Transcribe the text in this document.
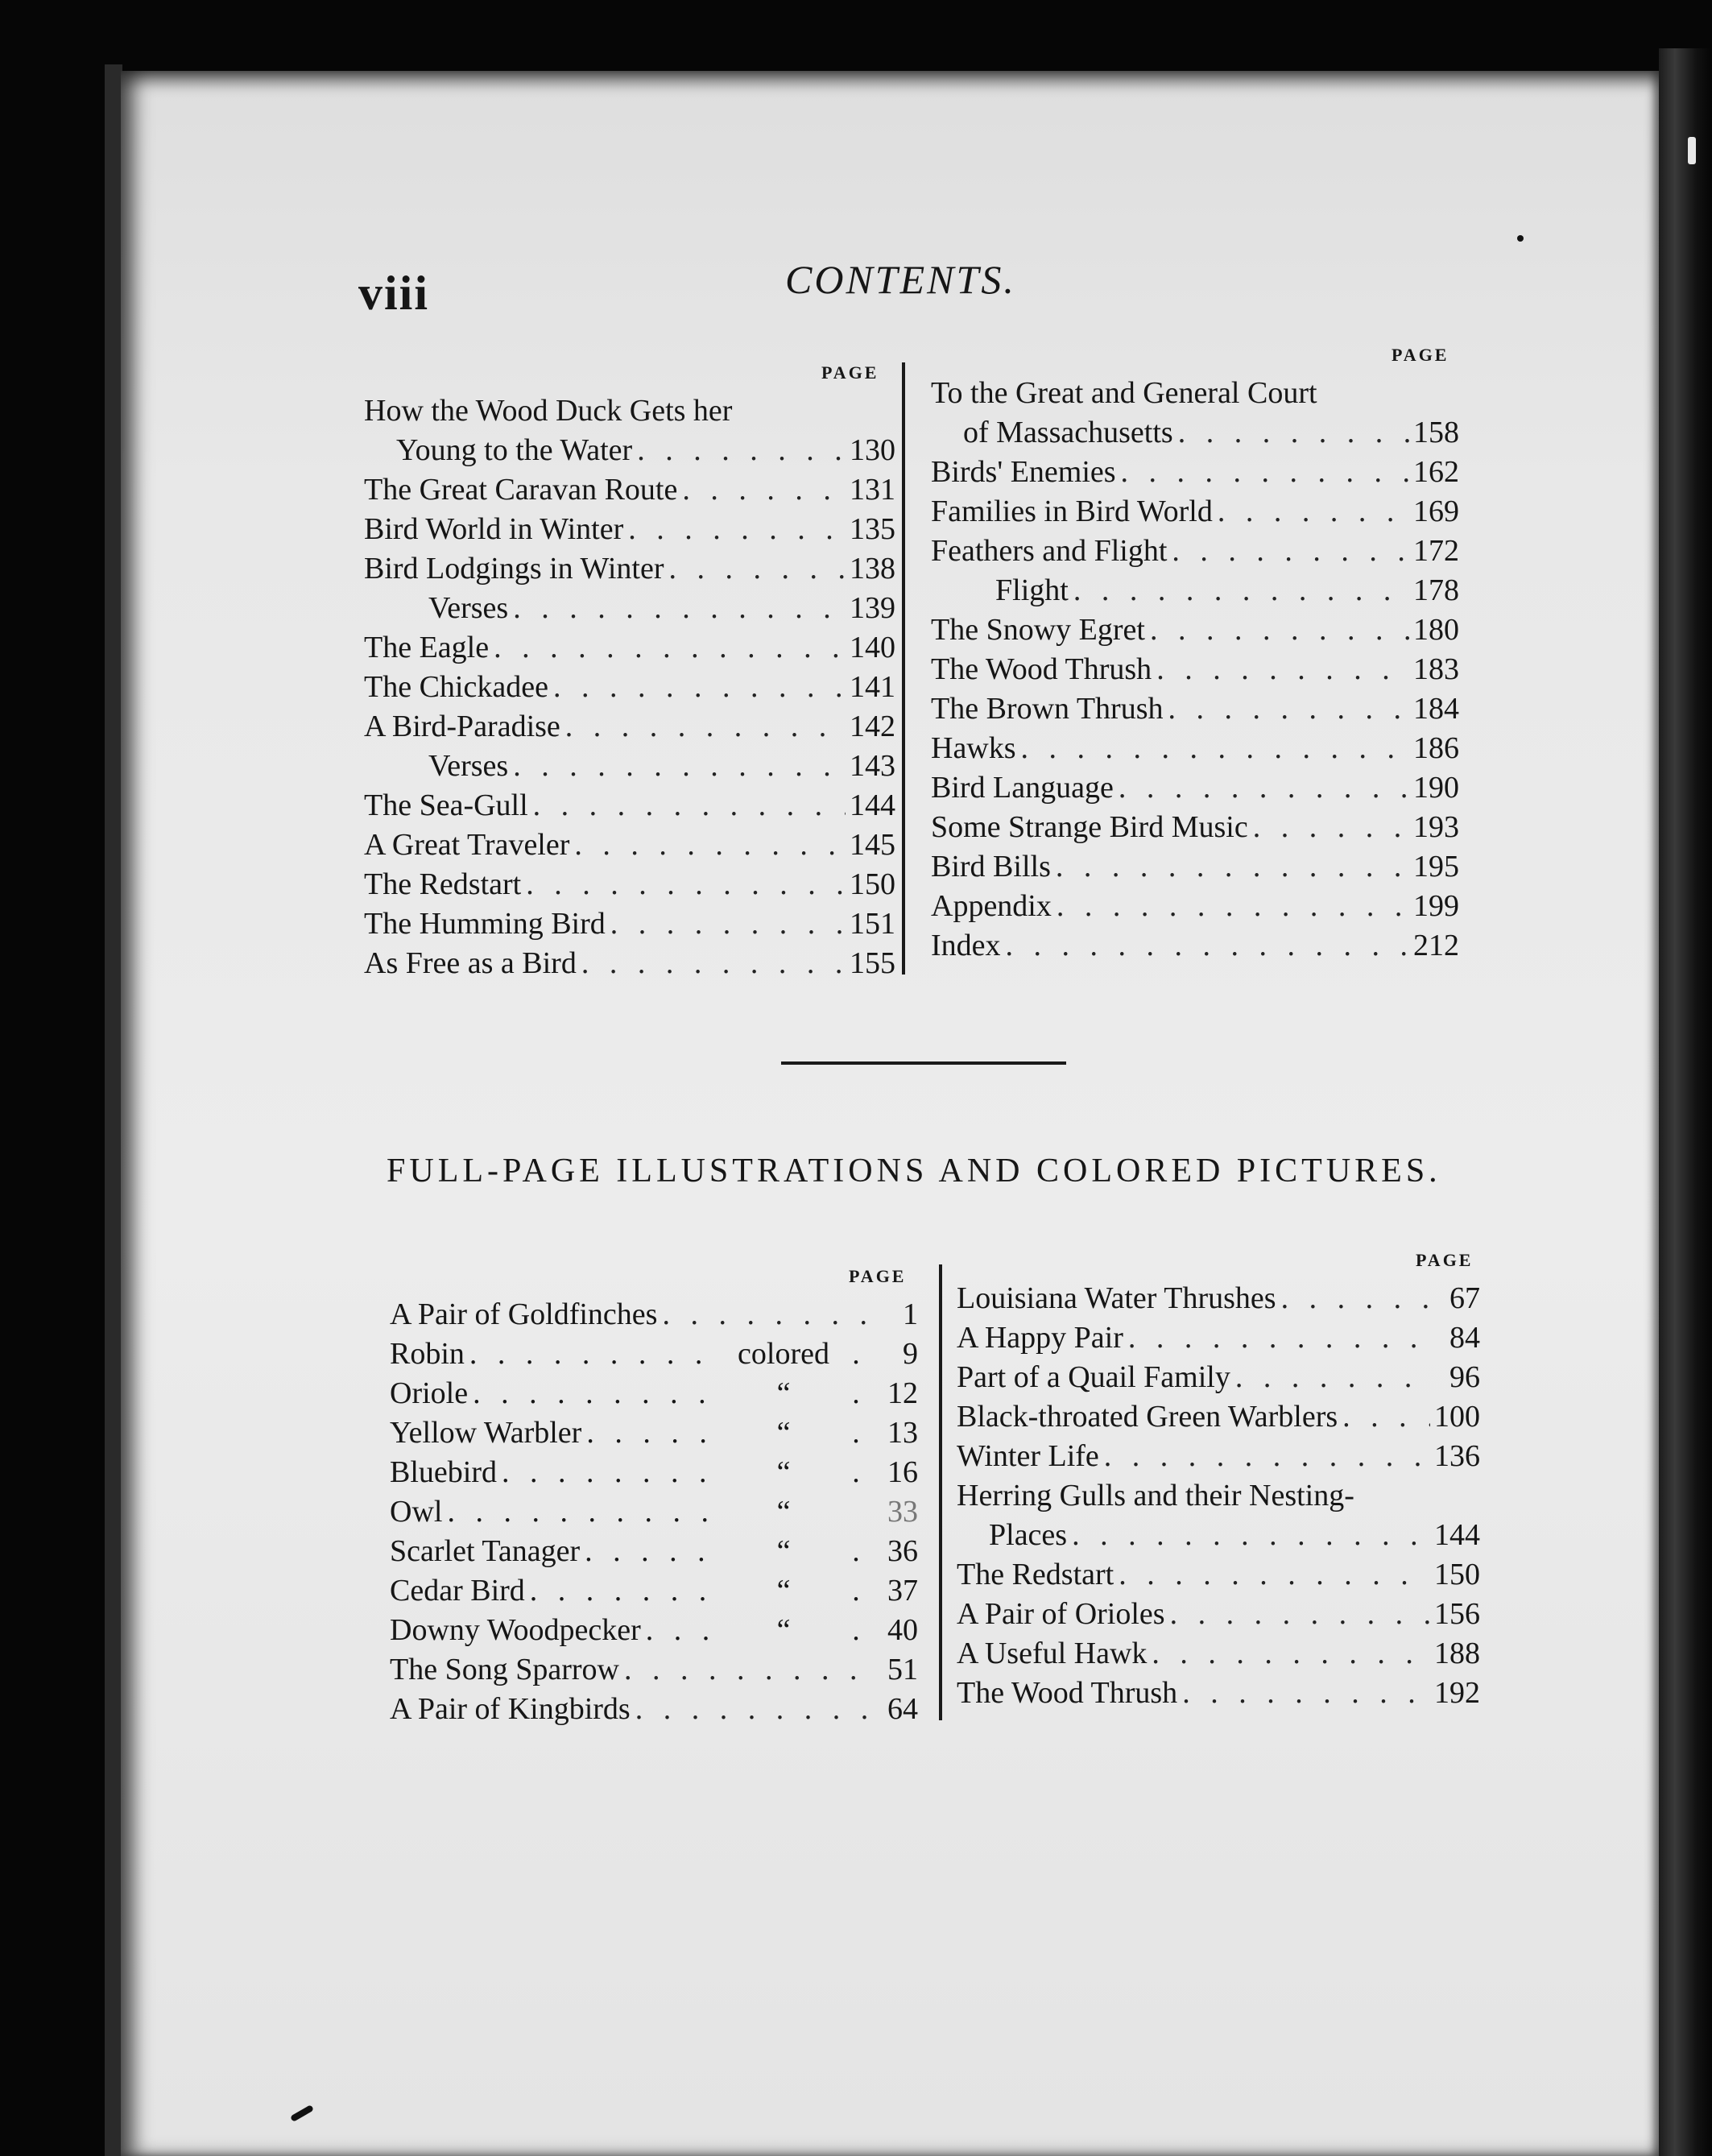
viii	CONTENTS.
PAGE
How the Wood Duck Gets her
Young to the Water . . .	130
The Great Caravan Route . . .	131
Bird World in Winter . . .	135
Bird Lodgings in Winter . . .	138
Verses . . .	139
The Eagle . . .	140
The Chickadee . . .	141
A Bird-Paradise . . .	142
Verses . . .	143
The Sea-Gull . . .	144
A Great Traveler . . .	145
The Redstart . . .	150
The Humming Bird . . .	151
As Free as a Bird . . .	155
PAGE
To the Great and General Court
of Massachusetts . . .	158
Birds' Enemies . . .	162
Families in Bird World . . .	169
Feathers and Flight . . .	172
Flight . . .	178
The Snowy Egret . . .	180
The Wood Thrush . . .	183
The Brown Thrush . . .	184
Hawks . . .	186
Bird Language . . .	190
Some Strange Bird Music . . .	193
Bird Bills . . .	195
Appendix . . .	199
Index . . .	212
FULL-PAGE ILLUSTRATIONS AND COLORED PICTURES.
PAGE
A Pair of Goldfinches . . .	1
Robin . . .	colored .	9
Oriole . . .	“	. 12
Yellow Warbler . . .	“	. 13
Bluebird . . .	“	. 16
Owl . . .	“	33
Scarlet Tanager . . .	“	. 36
Cedar Bird . . .	“	. 37
Downy Woodpecker . . .	“	. 40
The Song Sparrow . . .	51
A Pair of Kingbirds . . .	64
PAGE
Louisiana Water Thrushes . . .	67
A Happy Pair . . .	84
Part of a Quail Family . . .	96
Black-throated Green Warblers . . .	100
Winter Life . . .	136
Herring Gulls and their Nesting-
Places . . .	144
The Redstart . . .	150
A Pair of Orioles . . .	156
A Useful Hawk . . .	188
The Wood Thrush . . .	192
